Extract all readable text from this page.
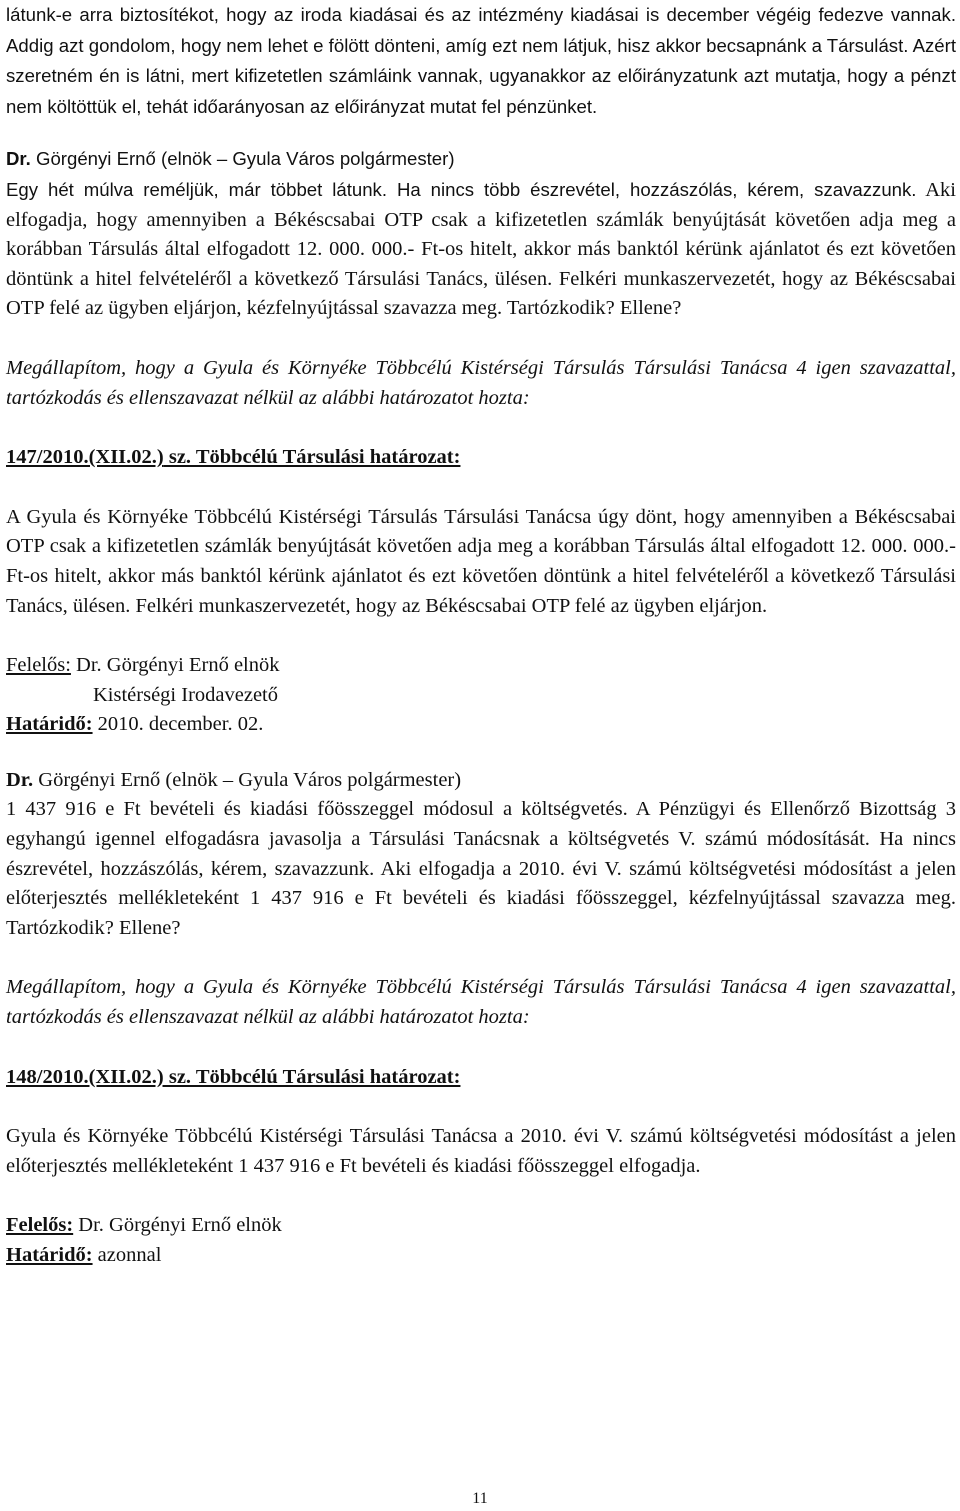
látunk-e arra biztosítékot, hogy az iroda kiadásai és az intézmény kiadásai is december végéig fedezve vannak. Addig azt gondolom, hogy nem lehet e fölött dönteni, amíg ezt nem látjuk, hisz akkor becsapnánk a Társulást. Azért szeretném én is látni, mert kifizetetlen számláink vannak, ugyanakkor az előirányzatunk azt mutatja, hogy a pénzt nem költöttük el, tehát időarányosan az előirányzat mutat fel pénzünket.

Dr. Görgényi Ernő (elnök – Gyula Város polgármester)
Egy hét múlva reméljük, már többet látunk. Ha nincs több észrevétel, hozzászólás, kérem, szavazzunk. Aki elfogadja, hogy amennyiben a Békéscsabai OTP csak a kifizetetlen számlák benyújtását követően adja meg a korábban Társulás által elfogadott 12. 000. 000.- Ft-os hitelt, akkor más banktól kérünk ajánlatot és ezt követően döntünk a hitel felvételéről a következő Társulási Tanács, ülésen. Felkéri munkaszervezetét, hogy az Békéscsabai OTP felé az ügyben eljárjon, kézfelnyújtással szavazza meg. Tartózkodik? Ellene?

Megállapítom, hogy a Gyula és Környéke Többcélú Kistérségi Társulás Társulási Tanácsa 4 igen szavazattal, tartózkodás és ellenszavazat nélkül az alábbi határozatot hozta:

147/2010.(XII.02.) sz. Többcélú Társulási határozat:

A Gyula és Környéke Többcélú Kistérségi Társulás Társulási Tanácsa úgy dönt, hogy amennyiben a Békéscsabai OTP csak a kifizetetlen számlák benyújtását követően adja meg a korábban Társulás által elfogadott 12. 000. 000.- Ft-os hitelt, akkor más banktól kérünk ajánlatot és ezt követően döntünk a hitel felvételéről a következő Társulási Tanács, ülésen. Felkéri munkaszervezetét, hogy az Békéscsabai OTP felé az ügyben eljárjon.

Felelős: Dr. Görgényi Ernő elnök
Kistérségi Irodavezető
Határidő: 2010. december. 02.

Dr. Görgényi Ernő (elnök – Gyula Város polgármester)
1 437 916 e Ft bevételi és kiadási főösszeggel módosul a költségvetés. A Pénzügyi és Ellenőrző Bizottság 3 egyhangú igennel elfogadásra javasolja a Társulási Tanácsnak a költségvetés V. számú módosítását. Ha nincs észrevétel, hozzászólás, kérem, szavazzunk. Aki elfogadja a 2010. évi V. számú költségvetési módosítást a jelen előterjesztés mellékleteként 1 437 916 e Ft bevételi és kiadási főösszeggel, kézfelnyújtással szavazza meg. Tartózkodik? Ellene?

Megállapítom, hogy a Gyula és Környéke Többcélú Kistérségi Társulás Társulási Tanácsa 4 igen szavazattal, tartózkodás és ellenszavazat nélkül az alábbi határozatot hozta:

148/2010.(XII.02.) sz. Többcélú Társulási határozat:

Gyula és Környéke Többcélú Kistérségi Társulási Tanácsa a 2010. évi V. számú költségvetési módosítást a jelen előterjesztés mellékleteként 1 437 916 e Ft bevételi és kiadási főösszeggel elfogadja.

Felelős: Dr. Görgényi Ernő elnök
Határidő: azonnal

11
